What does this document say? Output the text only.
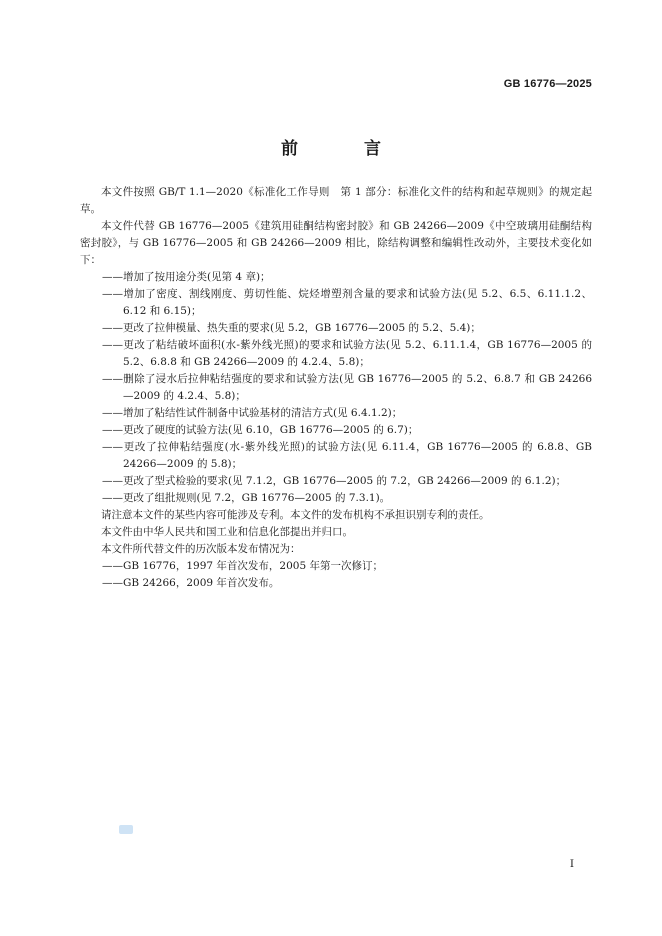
GB 16776—2025
前 言

本文件按照 GB/T 1.1—2020《标准化工作导则　第 1 部分：标准化文件的结构和起草规则》的规定起草。

本文件代替 GB 16776—2005《建筑用硅酮结构密封胶》和 GB 24266—2009《中空玻璃用硅酮结构密封胶》，与 GB 16776—2005 和 GB 24266—2009 相比，除结构调整和编辑性改动外，主要技术变化如下：

——增加了按用途分类(见第 4 章)；

——增加了密度、割线刚度、剪切性能、烷烃增塑剂含量的要求和试验方法(见 5.2、6.5、6.11.1.2、6.12 和 6.15)；

——更改了拉伸模量、热失重的要求(见 5.2，GB 16776—2005 的 5.2、5.4)；

——更改了粘结破坏面积(水-紫外线光照)的要求和试验方法(见 5.2、6.11.1.4，GB 16776—2005 的 5.2、6.8.8 和 GB 24266—2009 的 4.2.4、5.8)；

——删除了浸水后拉伸粘结强度的要求和试验方法(见 GB 16776—2005 的 5.2、6.8.7 和 GB 24266—2009 的 4.2.4、5.8)；

——增加了粘结性试件制备中试验基材的清洁方式(见 6.4.1.2)；

——更改了硬度的试验方法(见 6.10，GB 16776—2005 的 6.7)；

——更改了拉伸粘结强度(水-紫外线光照)的试验方法(见 6.11.4，GB 16776—2005 的 6.8.8、GB 24266—2009 的 5.8)；

——更改了型式检验的要求(见 7.1.2，GB 16776—2005 的 7.2，GB 24266—2009 的 6.1.2)；

——更改了组批规则(见 7.2，GB 16776—2005 的 7.3.1)。

请注意本文件的某些内容可能涉及专利。本文件的发布机构不承担识别专利的责任。

本文件由中华人民共和国工业和信息化部提出并归口。

本文件所代替文件的历次版本发布情况为：

——GB 16776，1997 年首次发布，2005 年第一次修订；

——GB 24266，2009 年首次发布。

I
